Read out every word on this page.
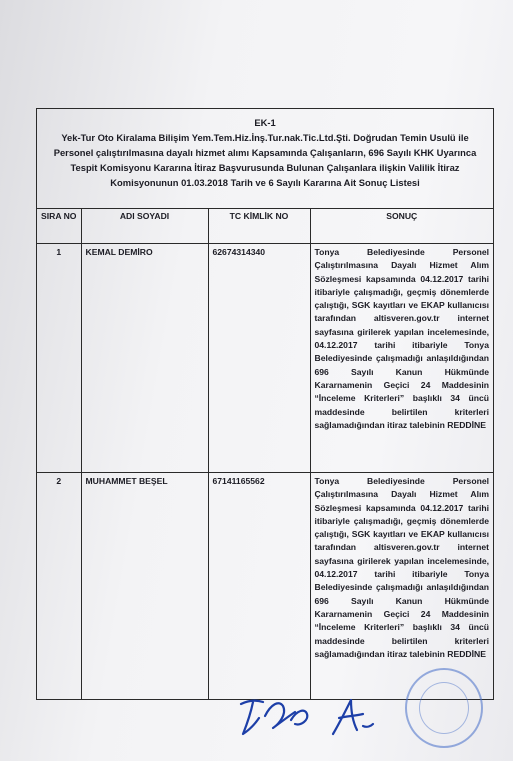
EK-1
Yek-Tur Oto Kiralama Bilişim Yem.Tem.Hiz.İnş.Tur.nak.Tic.Ltd.Şti. Doğrudan Temin Usulü ile Personel çalıştırılmasına dayalı hizmet alımı Kapsamında Çalışanların, 696 Sayılı KHK Uyarınca Tespit Komisyonu Kararına İtiraz Başvurusunda Bulunan Çalışanlara ilişkin Valilik İtiraz Komisyonunun 01.03.2018 Tarih ve 6 Sayılı Kararına Ait Sonuç Listesi
SIRA NO	ADI SOYADI	TC KİMLİK NO	SONUÇ
1	KEMAL DEMİRO	62674314340	Tonya Belediyesinde Personel Çalıştırılmasına Dayalı Hizmet Alım Sözleşmesi kapsamında 04.12.2017 tarihi itibariyle çalışmadığı, geçmiş dönemlerde çalıştığı, SGK kayıtları ve EKAP kullanıcısı tarafından altisveren.gov.tr internet sayfasına girilerek yapılan incelemesinde, 04.12.2017 tarihi itibariyle Tonya Belediyesinde çalışmadığı anlaşıldığından 696 Sayılı Kanun Hükmünde Kararnamenin Geçici 24 Maddesinin “İnceleme Kriterleri” başlıklı 34 üncü maddesinde belirtilen kriterleri sağlamadığından itiraz talebinin REDDİNE
2	MUHAMMET BEŞEL	67141165562	Tonya Belediyesinde Personel Çalıştırılmasına Dayalı Hizmet Alım Sözleşmesi kapsamında 04.12.2017 tarihi itibariyle çalışmadığı, geçmiş dönemlerde çalıştığı, SGK kayıtları ve EKAP kullanıcısı tarafından altisveren.gov.tr internet sayfasına girilerek yapılan incelemesinde, 04.12.2017 tarihi itibariyle Tonya Belediyesinde çalışmadığı anlaşıldığından 696 Sayılı Kanun Hükmünde Kararnamenin Geçici 24 Maddesinin “İnceleme Kriterleri” başlıklı 34 üncü maddesinde belirtilen kriterleri sağlamadığından itiraz talebinin REDDİNE
